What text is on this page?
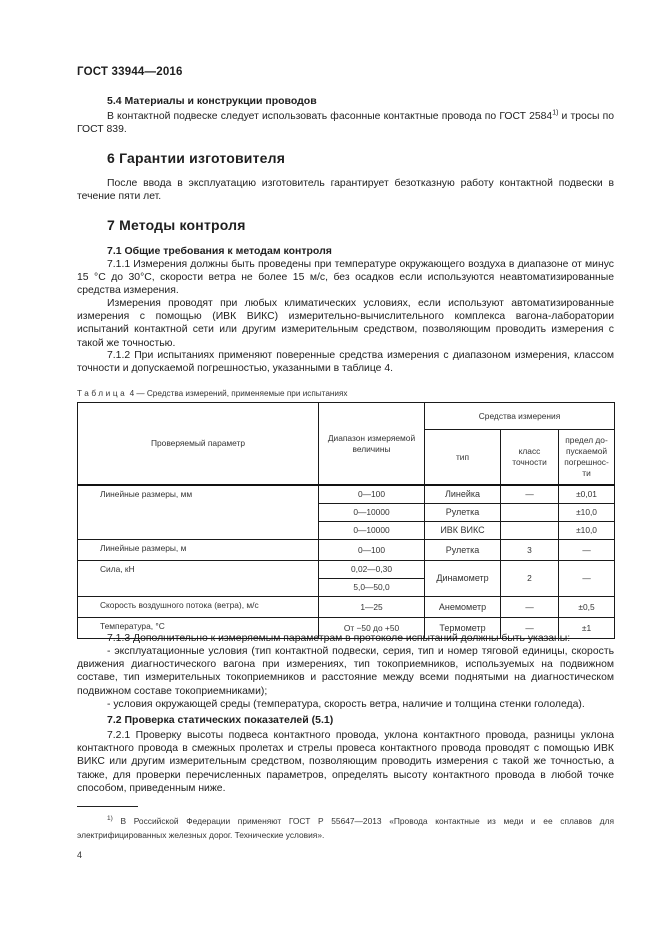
ГОСТ 33944—2016
5.4 Материалы и конструкции проводов
В контактной подвеске следует использовать фасонные контактные провода по ГОСТ 2584$^{1)}$ и тросы по ГОСТ 839.
6 Гарантии изготовителя
После ввода в эксплуатацию изготовитель гарантирует безотказную работу контактной подвески в течение пяти лет.
7 Методы контроля
7.1 Общие требования к методам контроля
7.1.1 Измерения должны быть проведены при температуре окружающего воздуха в диапазоне от минус 15 °С до 30°С, скорости ветра не более 15 м/с, без осадков если используются неавтоматизированные средства измерения.
Измерения проводят при любых климатических условиях, если используют автоматизированные измерения с помощью (ИВК ВИКС) измерительно-вычислительного комплекса вагона-лаборатории испытаний контактной сети или другим измерительным средством, позволяющим проводить измерения с такой же точностью.
7.1.2 При испытаниях применяют поверенные средства измерения с диапазоном измерения, классом точности и допускаемой погрешностью, указанными в таблице 4.
Таблица 4 — Средства измерений, применяемые при испытаниях
Проверяемый параметр	Диапазон измеряемой величины	Средства измерения		
		тип	класс точности	предел до-пускаемой погрешнос-ти
Линейные размеры, мм	0—100	Линейка	—	±0,01
	0—10000	Рулетка		±10,0
	0—10000	ИВК ВИКС		±10,0
Линейные размеры, м	0—100	Рулетка	3	—
Сила, кН	0,02—0,30	Динамометр	2	—
	5,0—50,0			
Скорость воздушного потока (ветра), м/с	1—25	Анемометр	—	±0,5
Температура, °С	От −50 до +50	Термометр	—	±1
7.1.3 Дополнительно к измеряемым параметрам в протоколе испытаний должны быть указаны:
- эксплуатационные условия (тип контактной подвески, серия, тип и номер тяговой единицы, скорость движения диагностического вагона при измерениях, тип токоприемников, используемых на подвижном составе, тип измерительных токоприемников и расстояние между всеми поднятыми на диагностическом подвижном составе токоприемниками);
- условия окружающей среды (температура, скорость ветра, наличие и толщина стенки гололеда).
7.2 Проверка статических показателей (5.1)
7.2.1 Проверку высоты подвеса контактного провода, уклона контактного провода, разницы уклона контактного провода в смежных пролетах и стрелы провеса контактного провода проводят с помощью ИВК ВИКС или другим измерительным средством, позволяющим проводить измерения с такой же точностью, а также, для проверки перечисленных параметров, определять высоту контактного провода в любой точке способом, приведенным ниже.
$^{1)}$ В Российской Федерации применяют ГОСТ Р 55647—2013 «Провода контактные из меди и ее сплавов для электрифицированных железных дорог. Технические условия».
4
